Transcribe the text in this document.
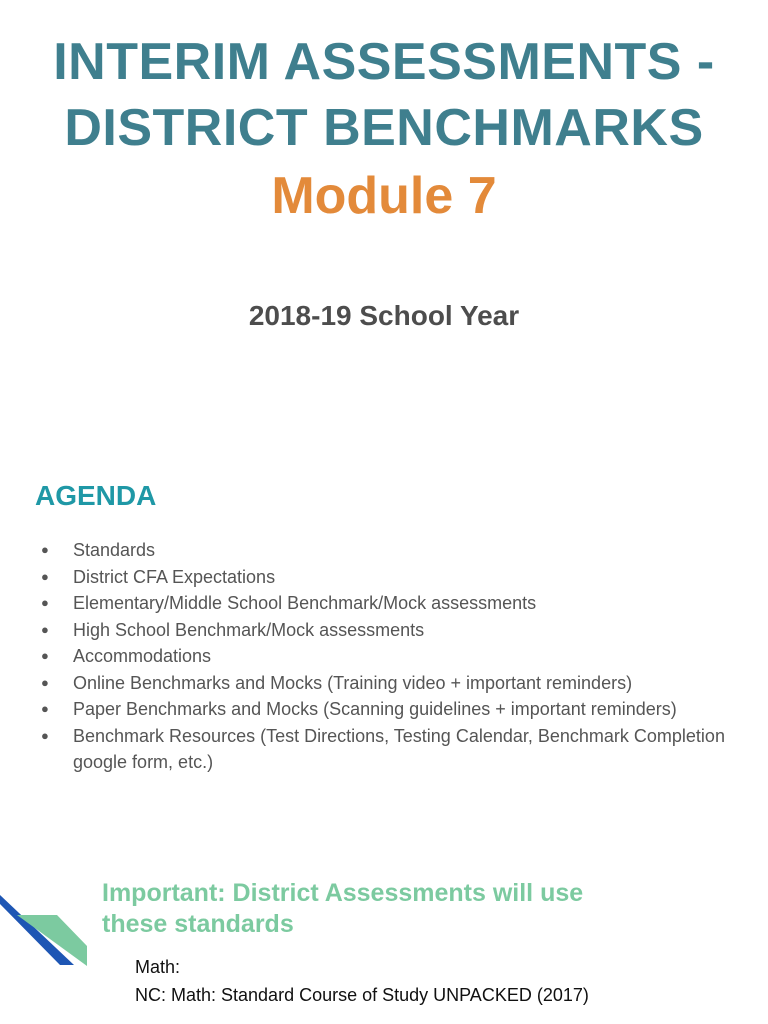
INTERIM ASSESSMENTS -
DISTRICT BENCHMARKS
Module 7
2018-19 School Year
AGENDA
● Standards
● District CFA Expectations
● Elementary/Middle School Benchmark/Mock assessments
● High School Benchmark/Mock assessments
● Accommodations
● Online Benchmarks and Mocks (Training video + important reminders)
● Paper Benchmarks and Mocks (Scanning guidelines + important reminders)
● Benchmark Resources (Test Directions, Testing Calendar, Benchmark Completion google form, etc.)
Important: District Assessments will use
these standards
Math:
NC: Math: Standard Course of Study UNPACKED (2017)
